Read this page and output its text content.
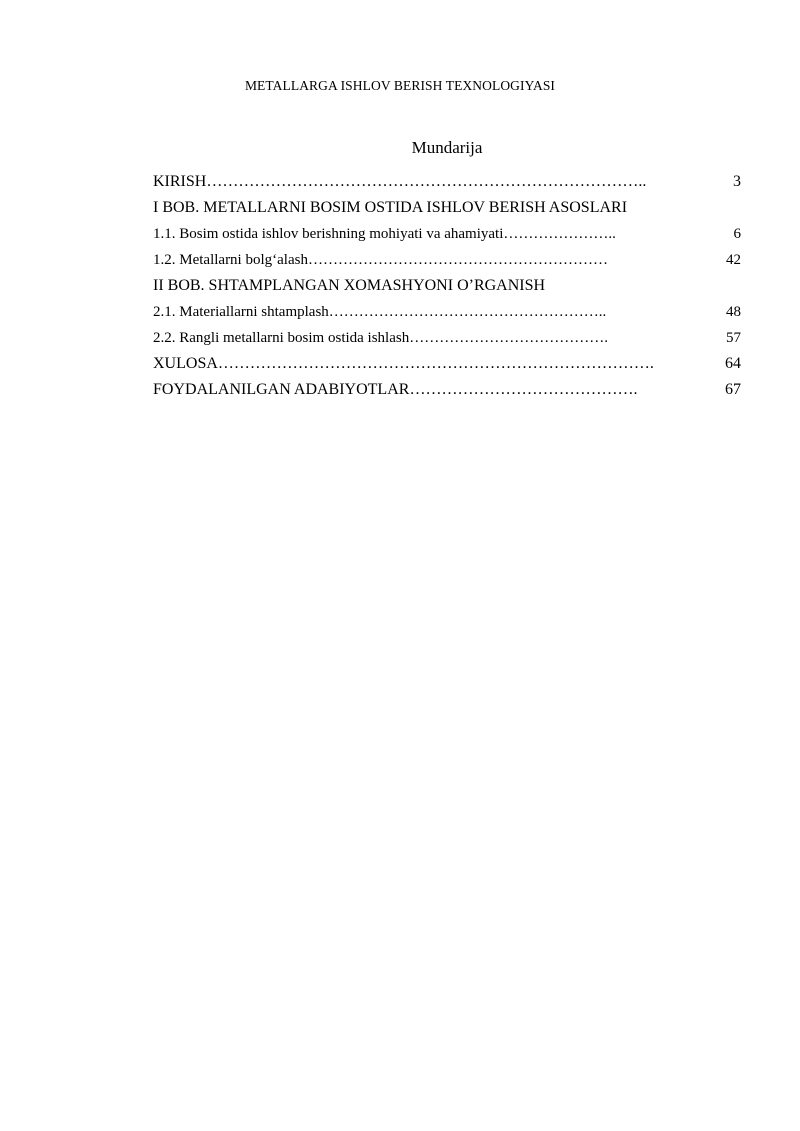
METALLARGA ISHLOV BERISH TEXNOLOGIYASI
Mundarija
KIRISH ………………………………………………………………………..	3
I BOB. METALLARNI BOSIM OSTIDA ISHLOV BERISH ASOSLARI
1.1. Bosim ostida ishlov berishning mohiyati va ahamiyati …………………..	6
1.2. Metallarni bolg‘alash ……………………………………………………	42
II BOB. SHTAMPLANGAN XOMASHYONI O’RGANISH
2.1. Materiallarni shtamplash ………………………………………………..	48
2.2. Rangli metallarni bosim ostida ishlash ………………………………….	57
XULOSA ……………………………………………………………………….	64
FOYDALANILGAN ADABIYOTLAR …………………………………….	67
